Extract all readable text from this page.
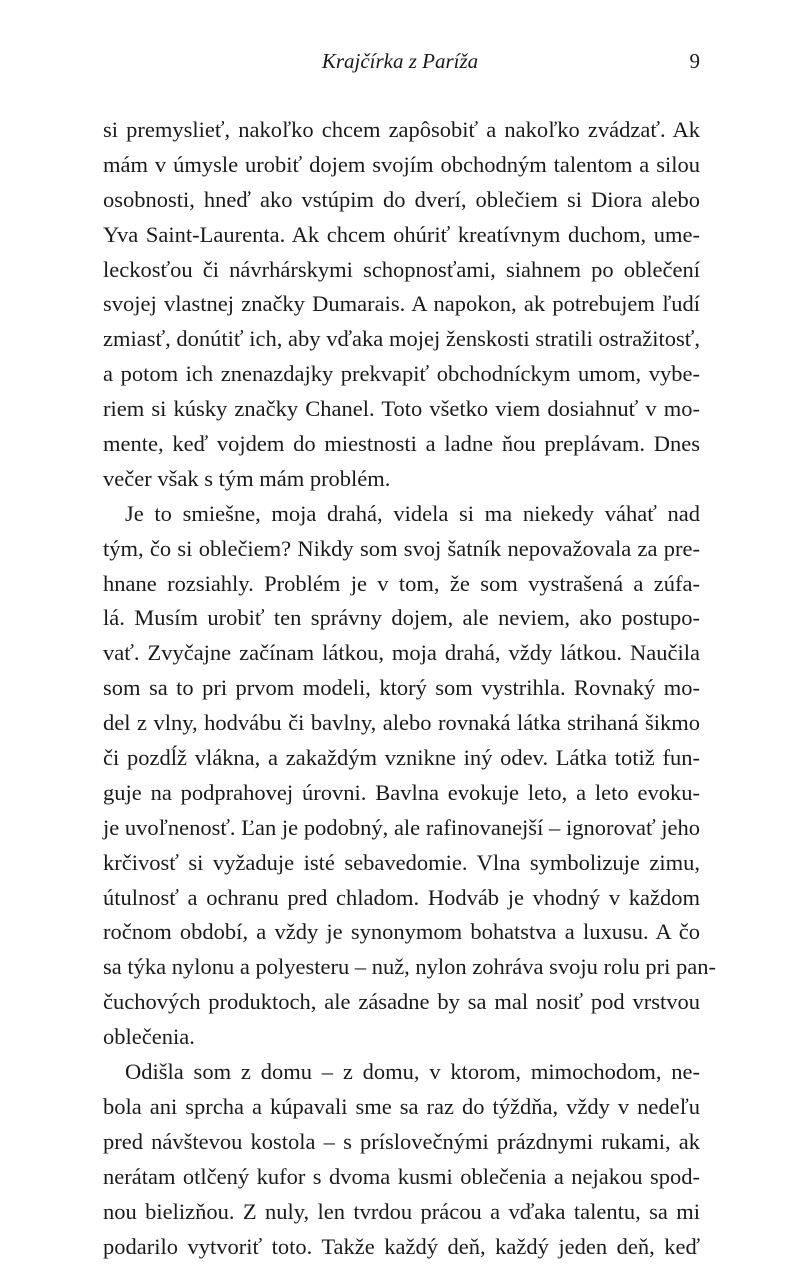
Krajčírka z Paríža	9
si premyslieť, nakoľko chcem zapôsobiť a nakoľko zvádzať. Ak
mám v úmysle urobiť dojem svojím obchodným talentom a silou
osobnosti, hneď ako vstúpim do dverí, oblečiem si Diora alebo
Yva Saint-Laurenta. Ak chcem ohúriť kreatívnym duchom, ume-
leckosťou či návrhárskymi schopnosťami, siahnem po oblečení
svojej vlastnej značky Dumarais. A napokon, ak potrebujem ľudí
zmiasť, donútiť ich, aby vďaka mojej ženskosti stratili ostražitosť,
a potom ich znenazdajky prekvapiť obchodníckym umom, vybe-
riem si kúsky značky Chanel. Toto všetko viem dosiahnuť v mo-
mente, keď vojdem do miestnosti a ladne ňou preplávam. Dnes
večer však s tým mám problém.
Je to smiešne, moja drahá, videla si ma niekedy váhať nad
tým, čo si oblečiem? Nikdy som svoj šatník nepovažovala za pre-
hnane rozsiahly. Problém je v tom, že som vystrašená a zúfa-
lá. Musím urobiť ten správny dojem, ale neviem, ako postupo-
vať. Zvyčajne začínam látkou, moja drahá, vždy látkou. Naučila
som sa to pri prvom modeli, ktorý som vystrihla. Rovnaký mo-
del z vlny, hodvábu či bavlny, alebo rovnaká látka strihaná šikmo
či pozdĺž vlákna, a zakaždým vznikne iný odev. Látka totiž fun-
guje na podprahovej úrovni. Bavlna evokuje leto, a leto evoku-
je uvoľnenosť. Ľan je podobný, ale rafinovanejší – ignorovať jeho
krčivosť si vyžaduje isté sebavedomie. Vlna symbolizuje zimu,
útulnosť a ochranu pred chladom. Hodváb je vhodný v každom
ročnom období, a vždy je synonymom bohatstva a luxusu. A čo
sa týka nylonu a polyesteru – nuž, nylon zohráva svoju rolu pri pan-
čuchových produktoch, ale zásadne by sa mal nosiť pod vrstvou
oblečenia.
Odišla som z domu – z domu, v ktorom, mimochodom, ne-
bola ani sprcha a kúpavali sme sa raz do týždňa, vždy v nedeľu
pred návštevou kostola – s príslovečnými prázdnymi rukami, ak
nerátam otlčený kufor s dvoma kusmi oblečenia a nejakou spod-
nou bielizňou. Z nuly, len tvrdou prácou a vďaka talentu, sa mi
podarilo vytvoriť toto. Takže každý deň, každý jeden deň, keď
